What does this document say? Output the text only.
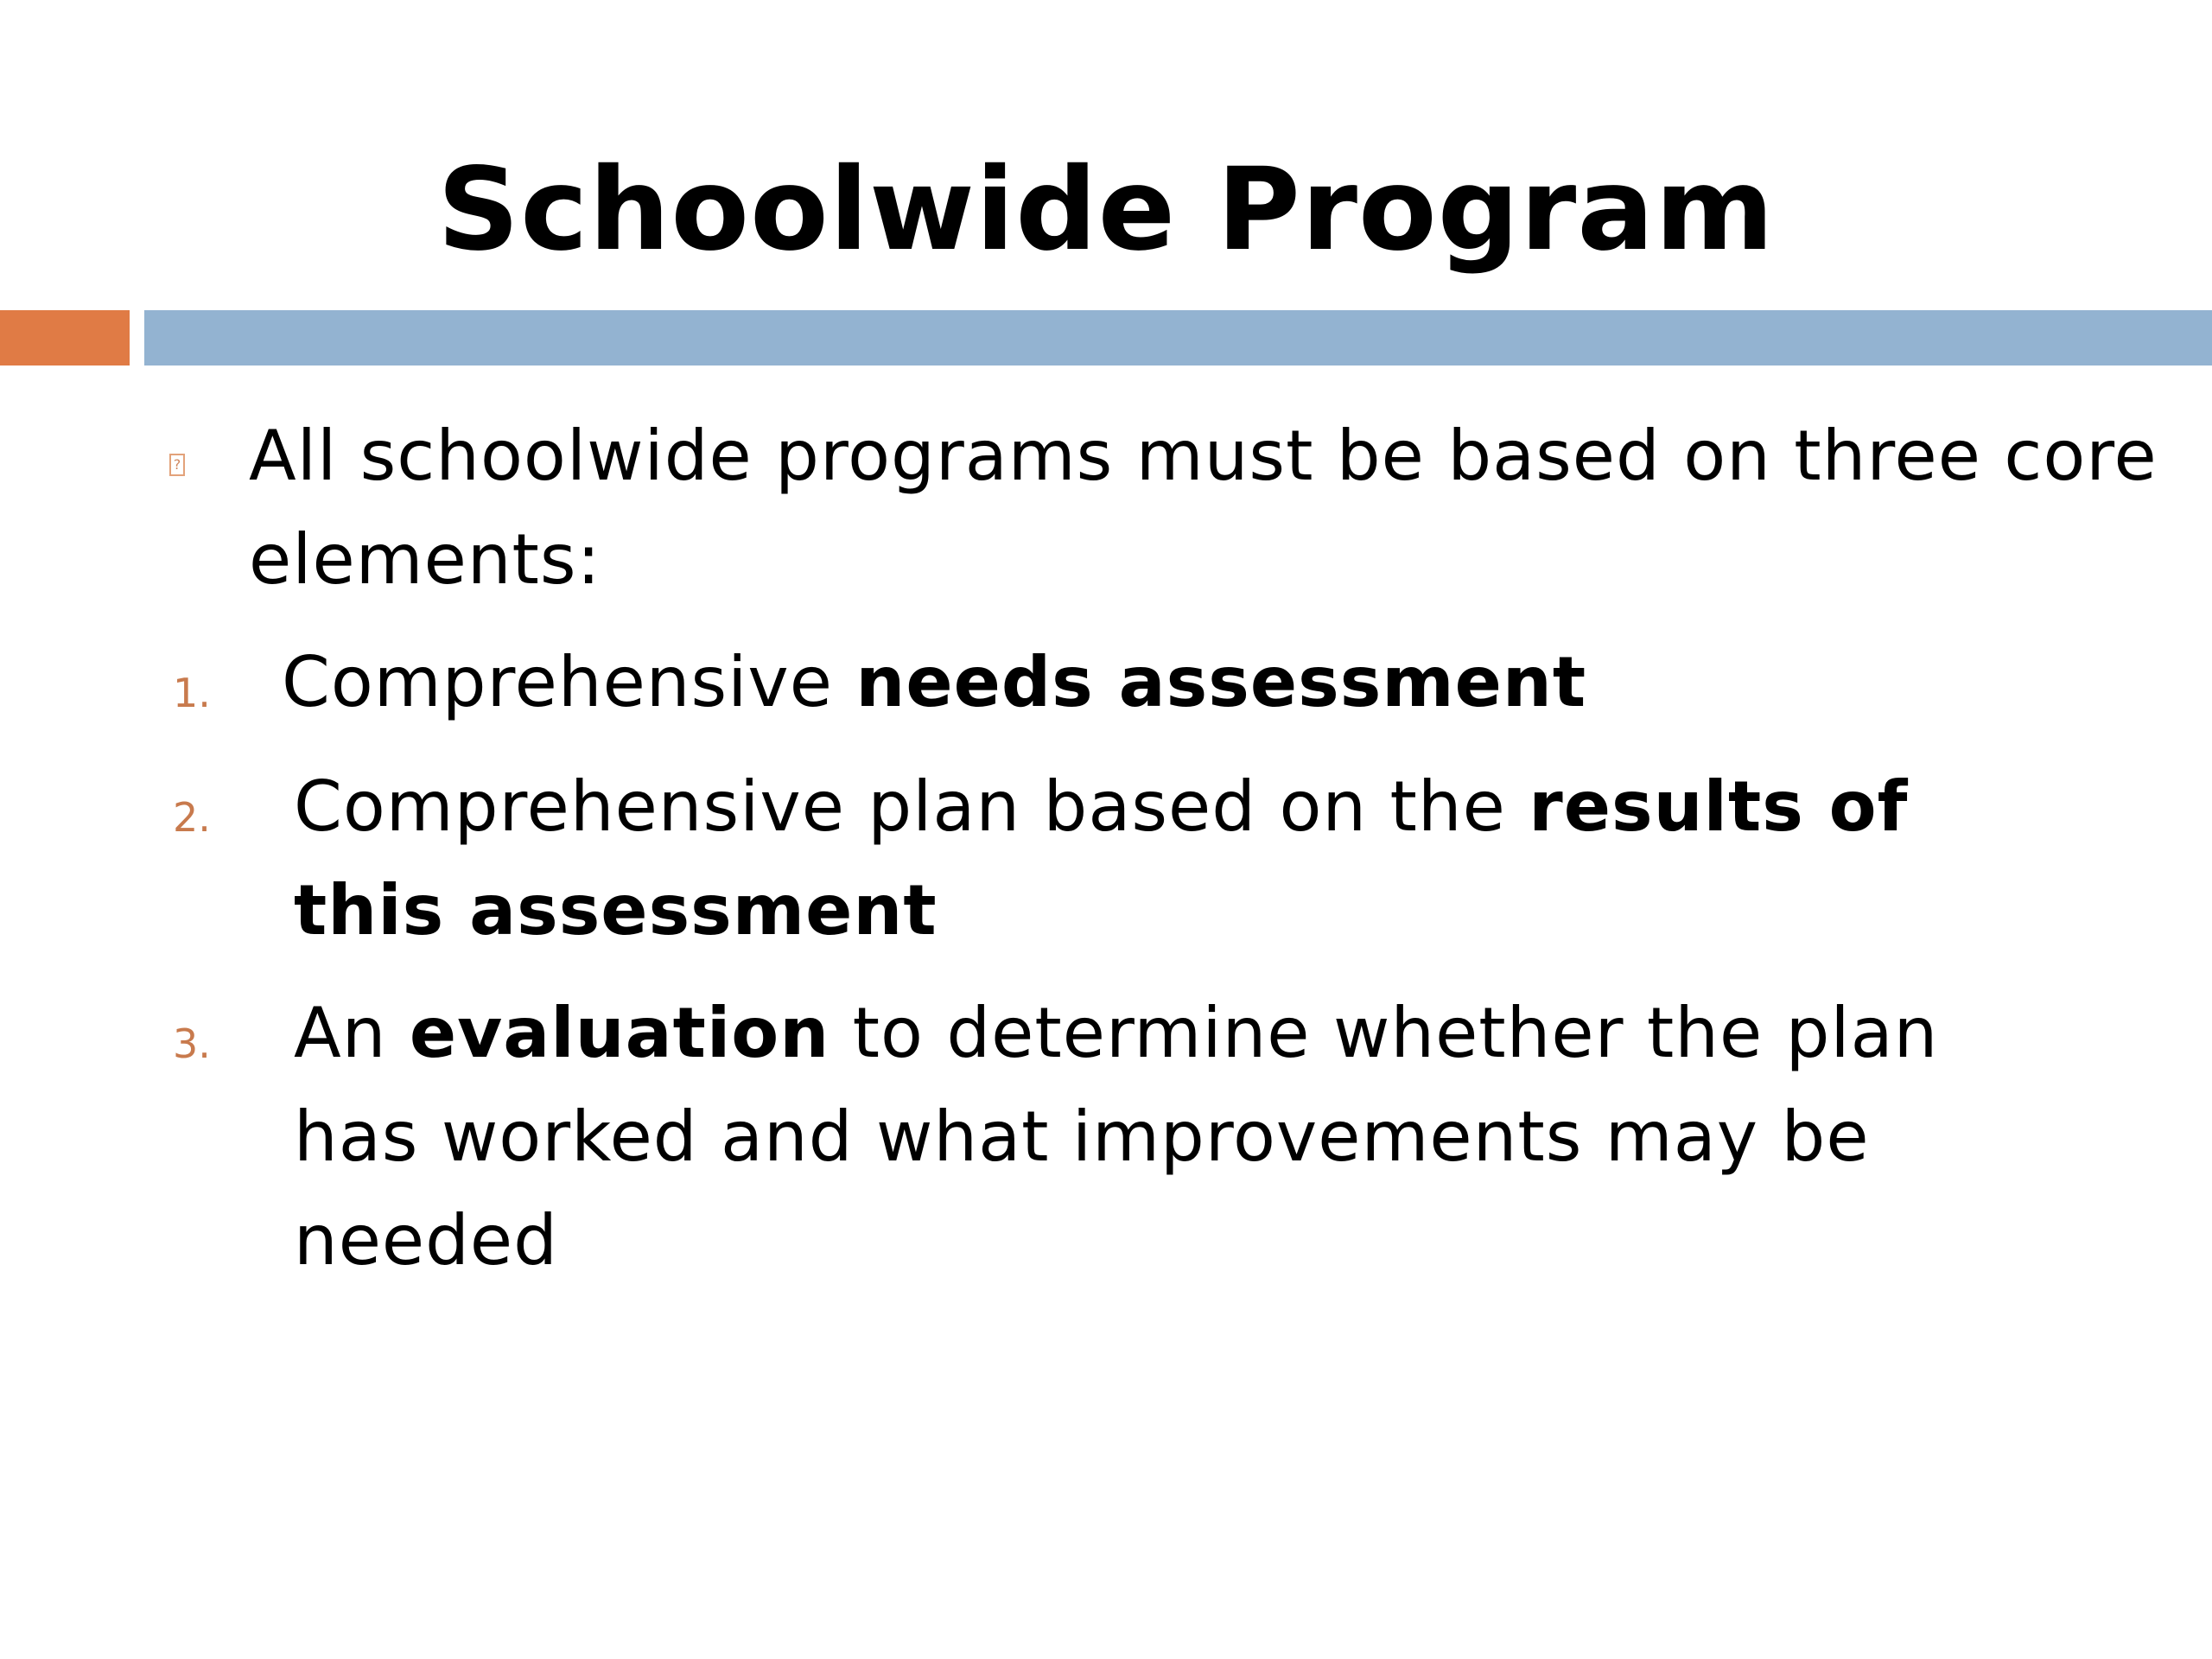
Schoolwide Program
? All schoolwide programs must be based on three core
elements:
1. Comprehensive needs assessment
2. Comprehensive plan based on the results of
this assessment
3. An evaluation to determine whether the plan
has worked and what improvements may be
needed
